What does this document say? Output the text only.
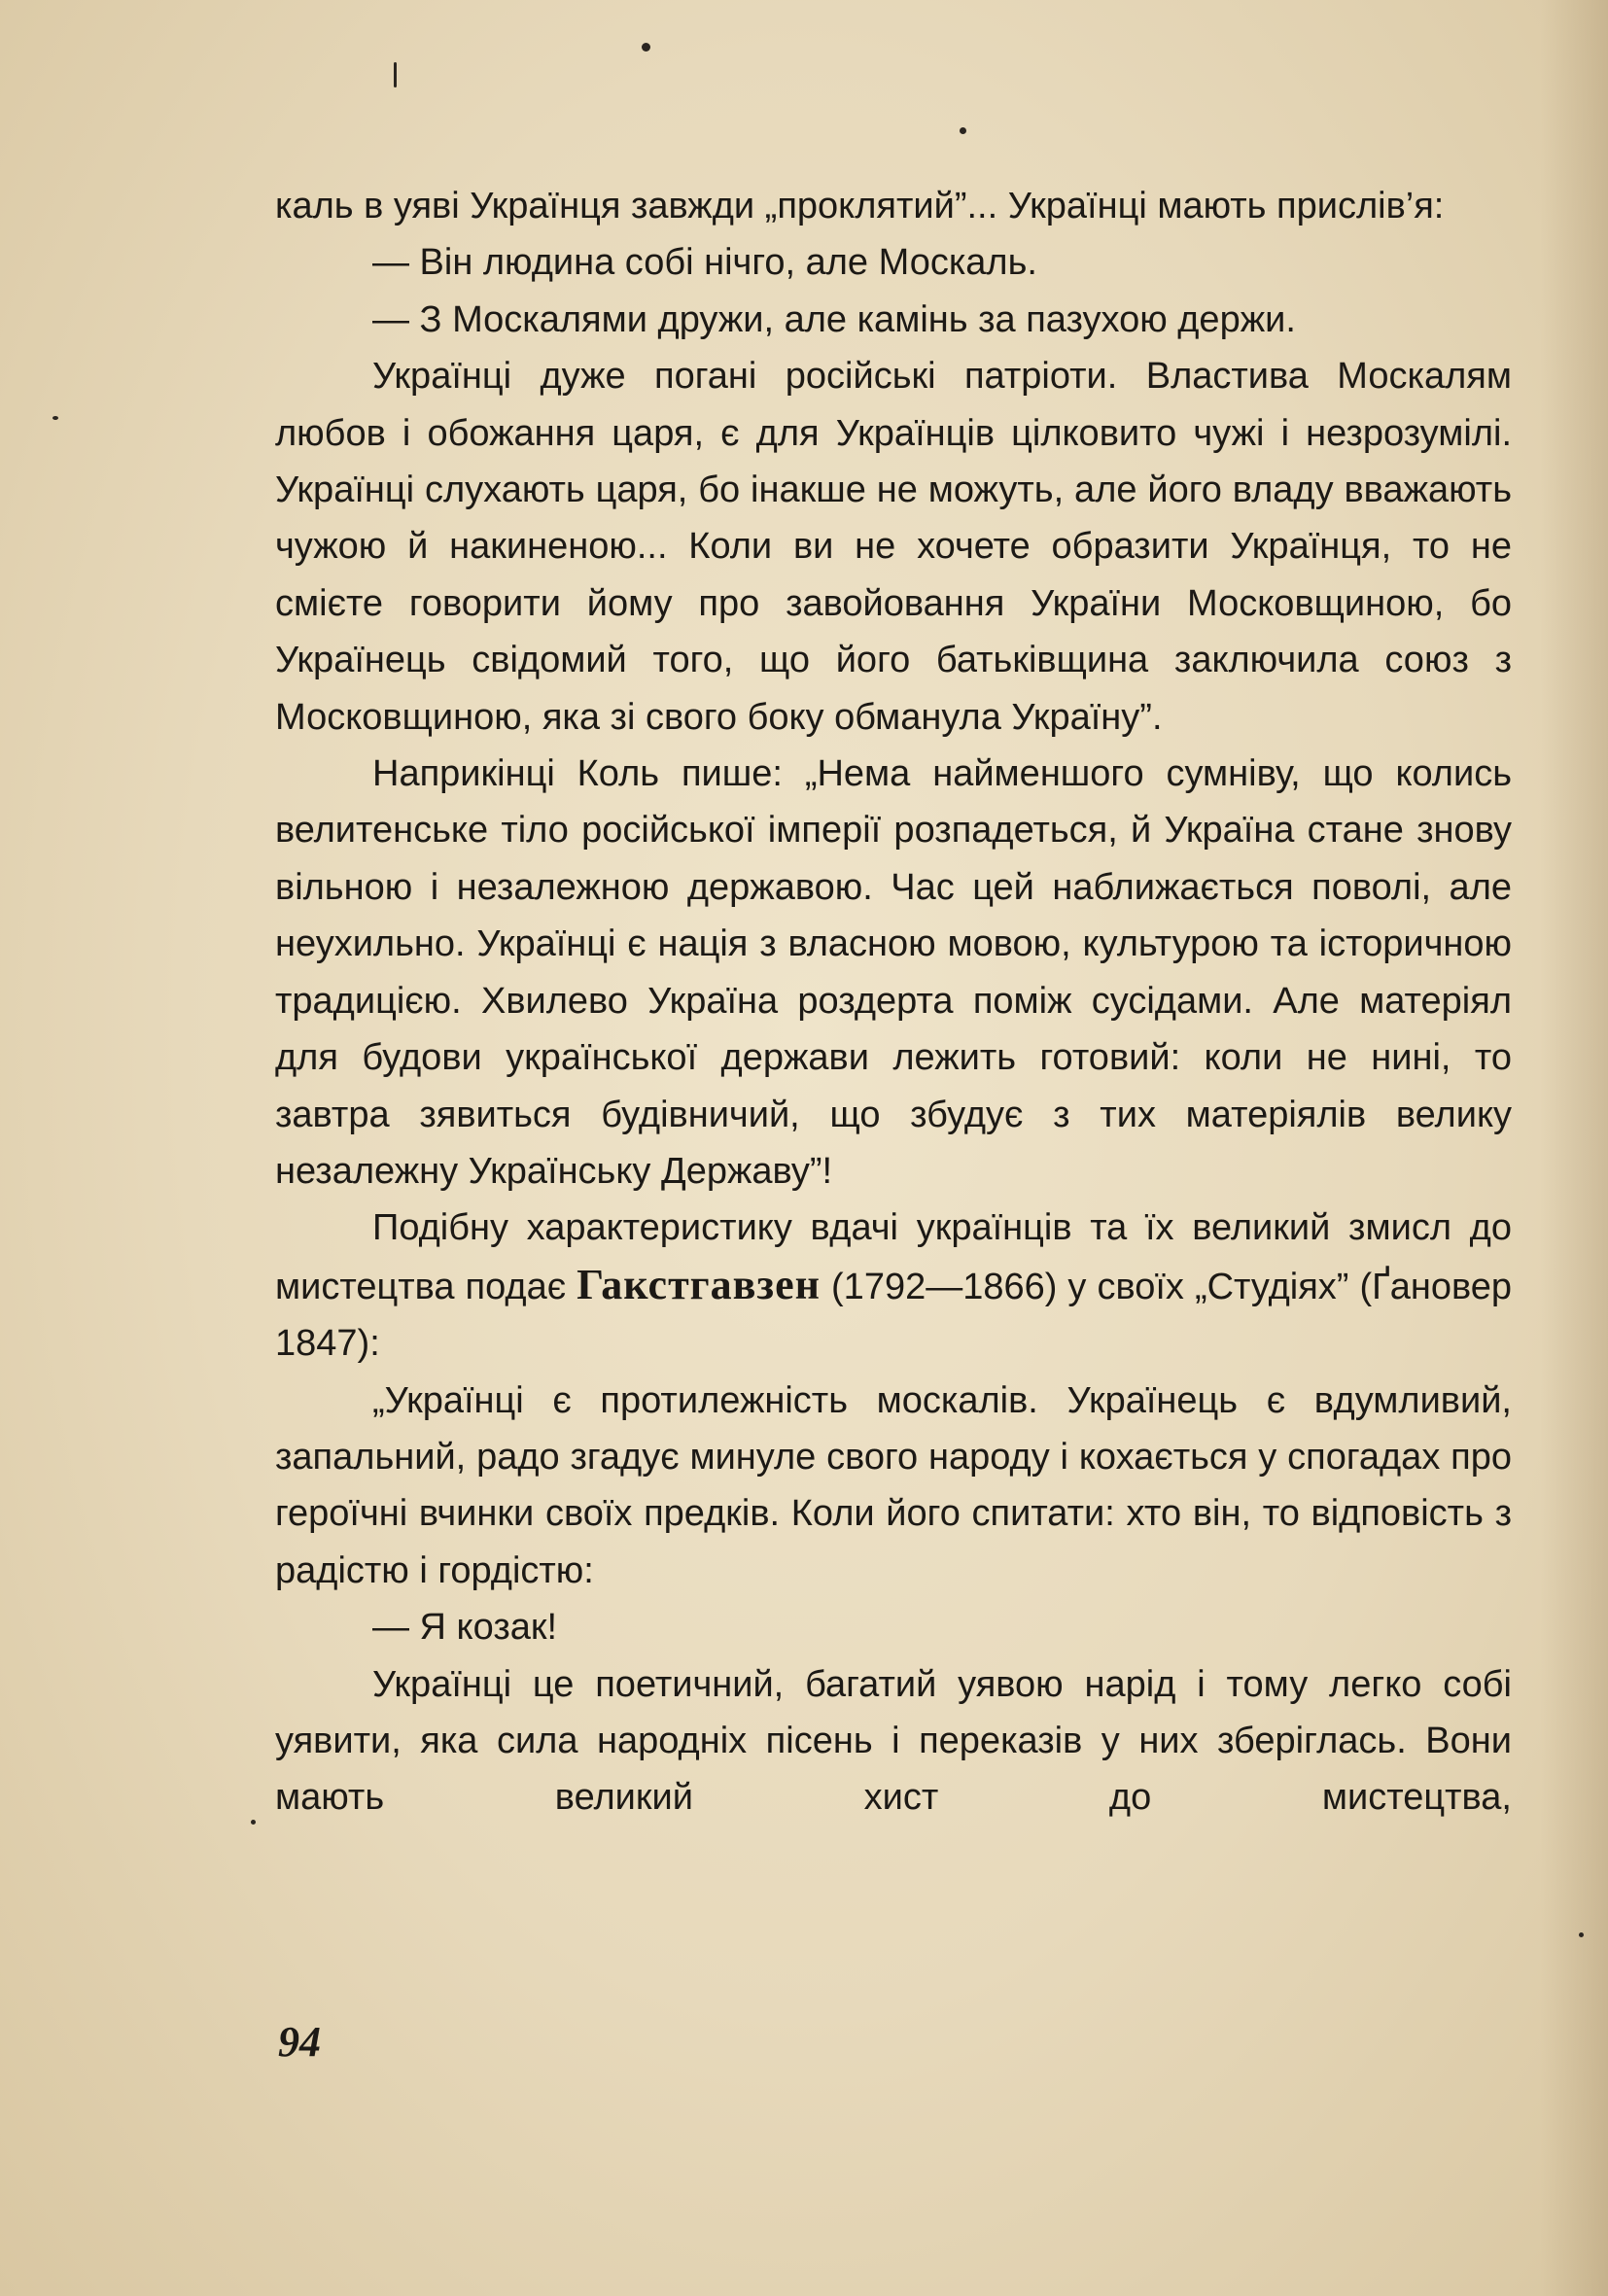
каль в уяві Українця завжди „проклятий”... Українці мають прислів’я:

— Він людина собі нічго, але Москаль.

— З Москалями дружи, але камінь за пазухою держи.

Українці дуже погані російські патріоти. Властива Москалям любов і обожання царя, є для Українців цілковито чужі і незрозумілі. Українці слухають царя, бо інакше не можуть, але його владу вважають чужою й накиненою... Коли ви не хочете образити Українця, то не смієте говорити йому про завойовання України Московщиною, бо Українець свідомий того, що його батьківщина заключила союз з Московщиною, яка зі свого боку обманула Україну”.

Наприкінці Коль пише: „Нема найменшого сумніву, що колись велитенське тіло російської імперії розпадеться, й Україна стане знову вільною і незалежною державою. Час цей наближається поволі, але неухильно. Українці є нація з власною мовою, культурою та історичною традицією. Хвилево Україна роздерта поміж сусідами. Але матеріял для будови української держави лежить готовий: коли не нині, то завтра зявиться будівничий, що збудує з тих матеріялів велику незалежну Українську Державу”!

Подібну характеристику вдачі українців та їх великий змисл до мистецтва подає Гакстгавзен (1792—1866) у своїх „Студіях” (Ґановер 1847):

„Українці є протилежність москалів. Українець є вдумливий, запальний, радо згадує минуле свого народу і кохається у спогадах про героїчні вчинки своїх предків. Коли його спитати: хто він, то відповість з радістю і гордістю:

— Я козак!

Українці це поетичний, багатий уявою нарід і тому легко собі уявити, яка сила народніх пісень і переказів у них зберіглась. Вони мають великий хист до мистецтва,

94
